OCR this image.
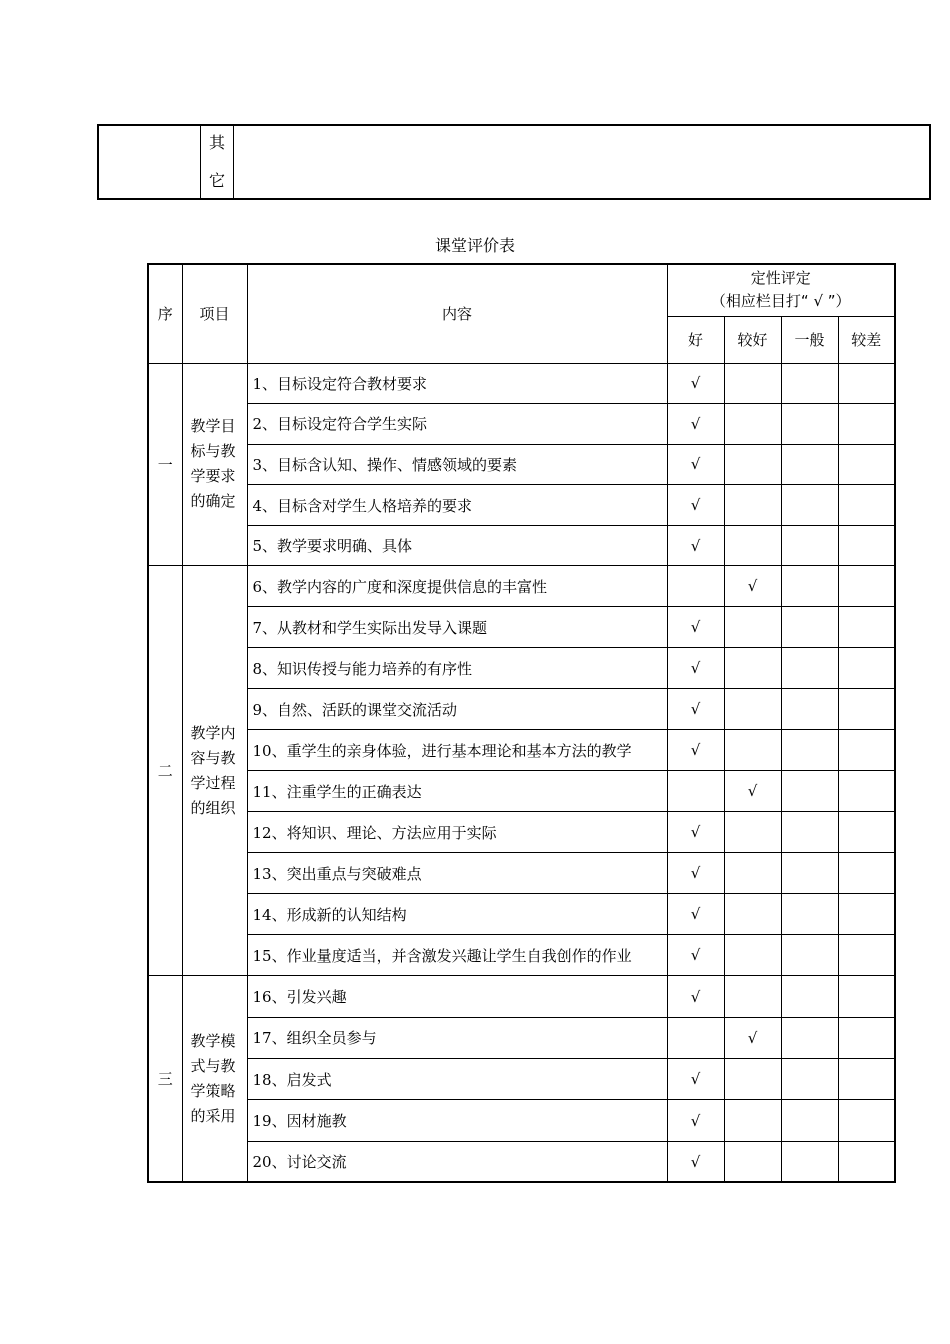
其
它
课堂评价表
序	项目	内容	定性评定
（相应栏目打“ √ ”）			

			好	较好	一般	较差
一	教学目标与教学要求的确定	1、目标设定符合教材要求	√			
		2、目标设定符合学生实际	√			
		3、目标含认知、操作、情感领域的要素	√			
		4、目标含对学生人格培养的要求	√			
		5、教学要求明确、具体	√			
二	教学内容与教学过程的组织	6、教学内容的广度和深度提供信息的丰富性		√		
		7、从教材和学生实际出发导入课题	√			
		8、知识传授与能力培养的有序性	√			
		9、自然、活跃的课堂交流活动	√			
		10、重学生的亲身体验，进行基本理论和基本方法的教学	√			
		11、注重学生的正确表达		√		
		12、将知识、理论、方法应用于实际	√			
		13、突出重点与突破难点	√			
		14、形成新的认知结构	√			
		15、作业量度适当，并含激发兴趣让学生自我创作的作业	√			
三	教学模式与教学策略的采用	16、引发兴趣	√			
		17、组织全员参与		√		
		18、启发式	√			
		19、因材施教	√			
		20、讨论交流	√			
